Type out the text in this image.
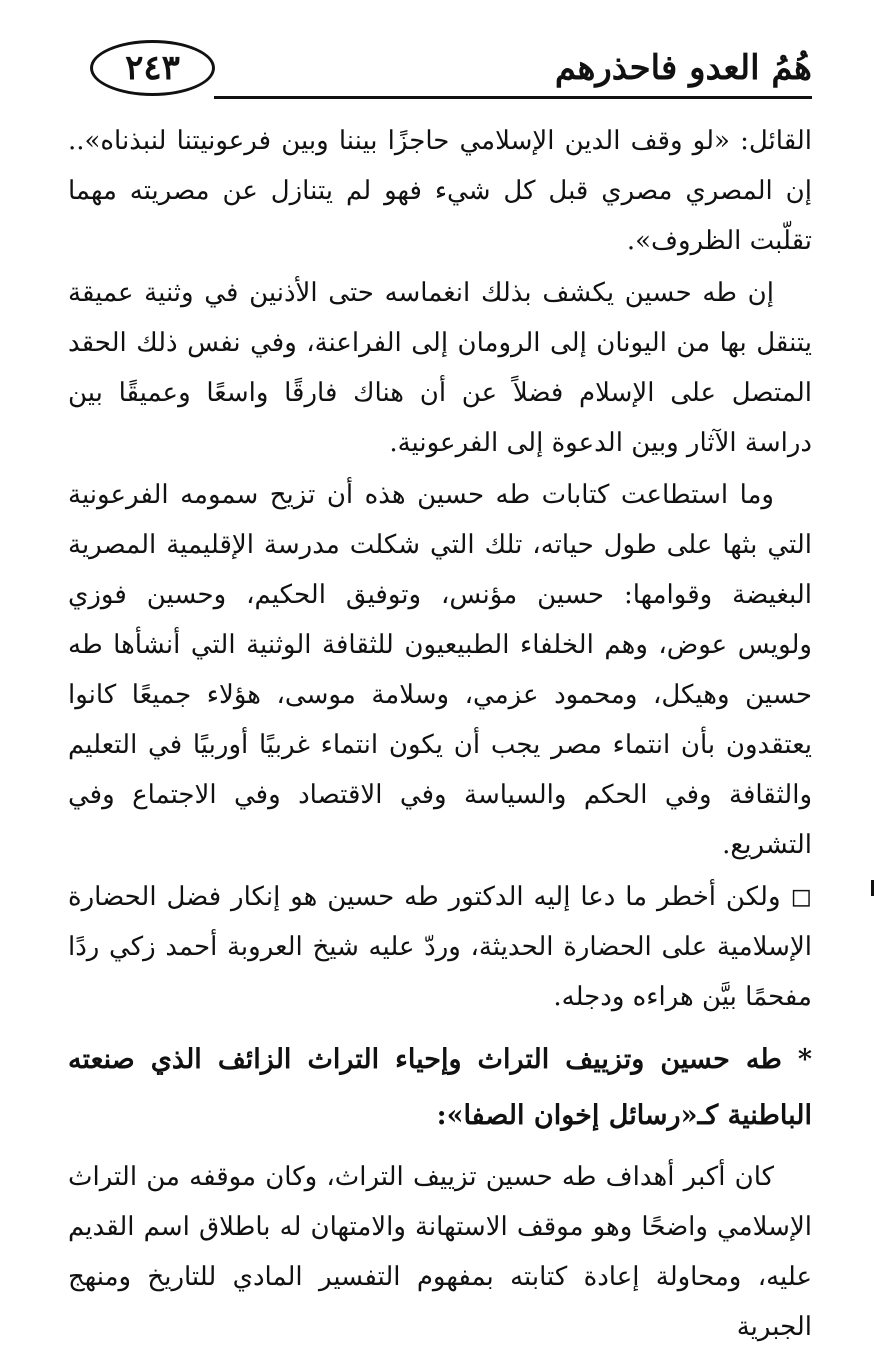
٢٤٣	هُمُ العدو فاحذرهم

القائل: «لو وقف الدين الإسلامي حاجزًا بيننا وبين فرعونيتنا لنبذناه».. إن المصري مصري قبل كل شيء فهو لم يتنازل عن مصريته مهما تقلّبت الظروف».

إن طه حسين يكشف بذلك انغماسه حتى الأذنين في وثنية عميقة يتنقل بها من اليونان إلى الرومان إلى الفراعنة، وفي نفس ذلك الحقد المتصل على الإسلام فضلاً عن أن هناك فارقًا واسعًا وعميقًا بين دراسة الآثار وبين الدعوة إلى الفرعونية.

وما استطاعت كتابات طه حسين هذه أن تزيح سمومه الفرعونية التي بثها على طول حياته، تلك التي شكلت مدرسة الإقليمية المصرية البغيضة وقوامها: حسين مؤنس، وتوفيق الحكيم، وحسين فوزي ولويس عوض، وهم الخلفاء الطبيعيون للثقافة الوثنية التي أنشأها طه حسين وهيكل، ومحمود عزمي، وسلامة موسى، هؤلاء جميعًا كانوا يعتقدون بأن انتماء مصر يجب أن يكون انتماء غربيًا أوربيًا في التعليم والثقافة وفي الحكم والسياسة وفي الاقتصاد وفي الاجتماع وفي التشريع.

◻ ولكن أخطر ما دعا إليه الدكتور طه حسين هو إنكار فضل الحضارة الإسلامية على الحضارة الحديثة، وردّ عليه شيخ العروبة أحمد زكي ردًا مفحمًا بيَّن هراءه ودجله.

* طه حسين وتزييف التراث وإحياء التراث الزائف الذي صنعته الباطنية كـ«رسائل إخوان الصفا»:

كان أكبر أهداف طه حسين تزييف التراث، وكان موقفه من التراث الإسلامي واضحًا وهو موقف الاستهانة والامتهان له باطلاق اسم القديم عليه، ومحاولة إعادة كتابته بمفهوم التفسير المادي للتاريخ ومنهج الجبرية
